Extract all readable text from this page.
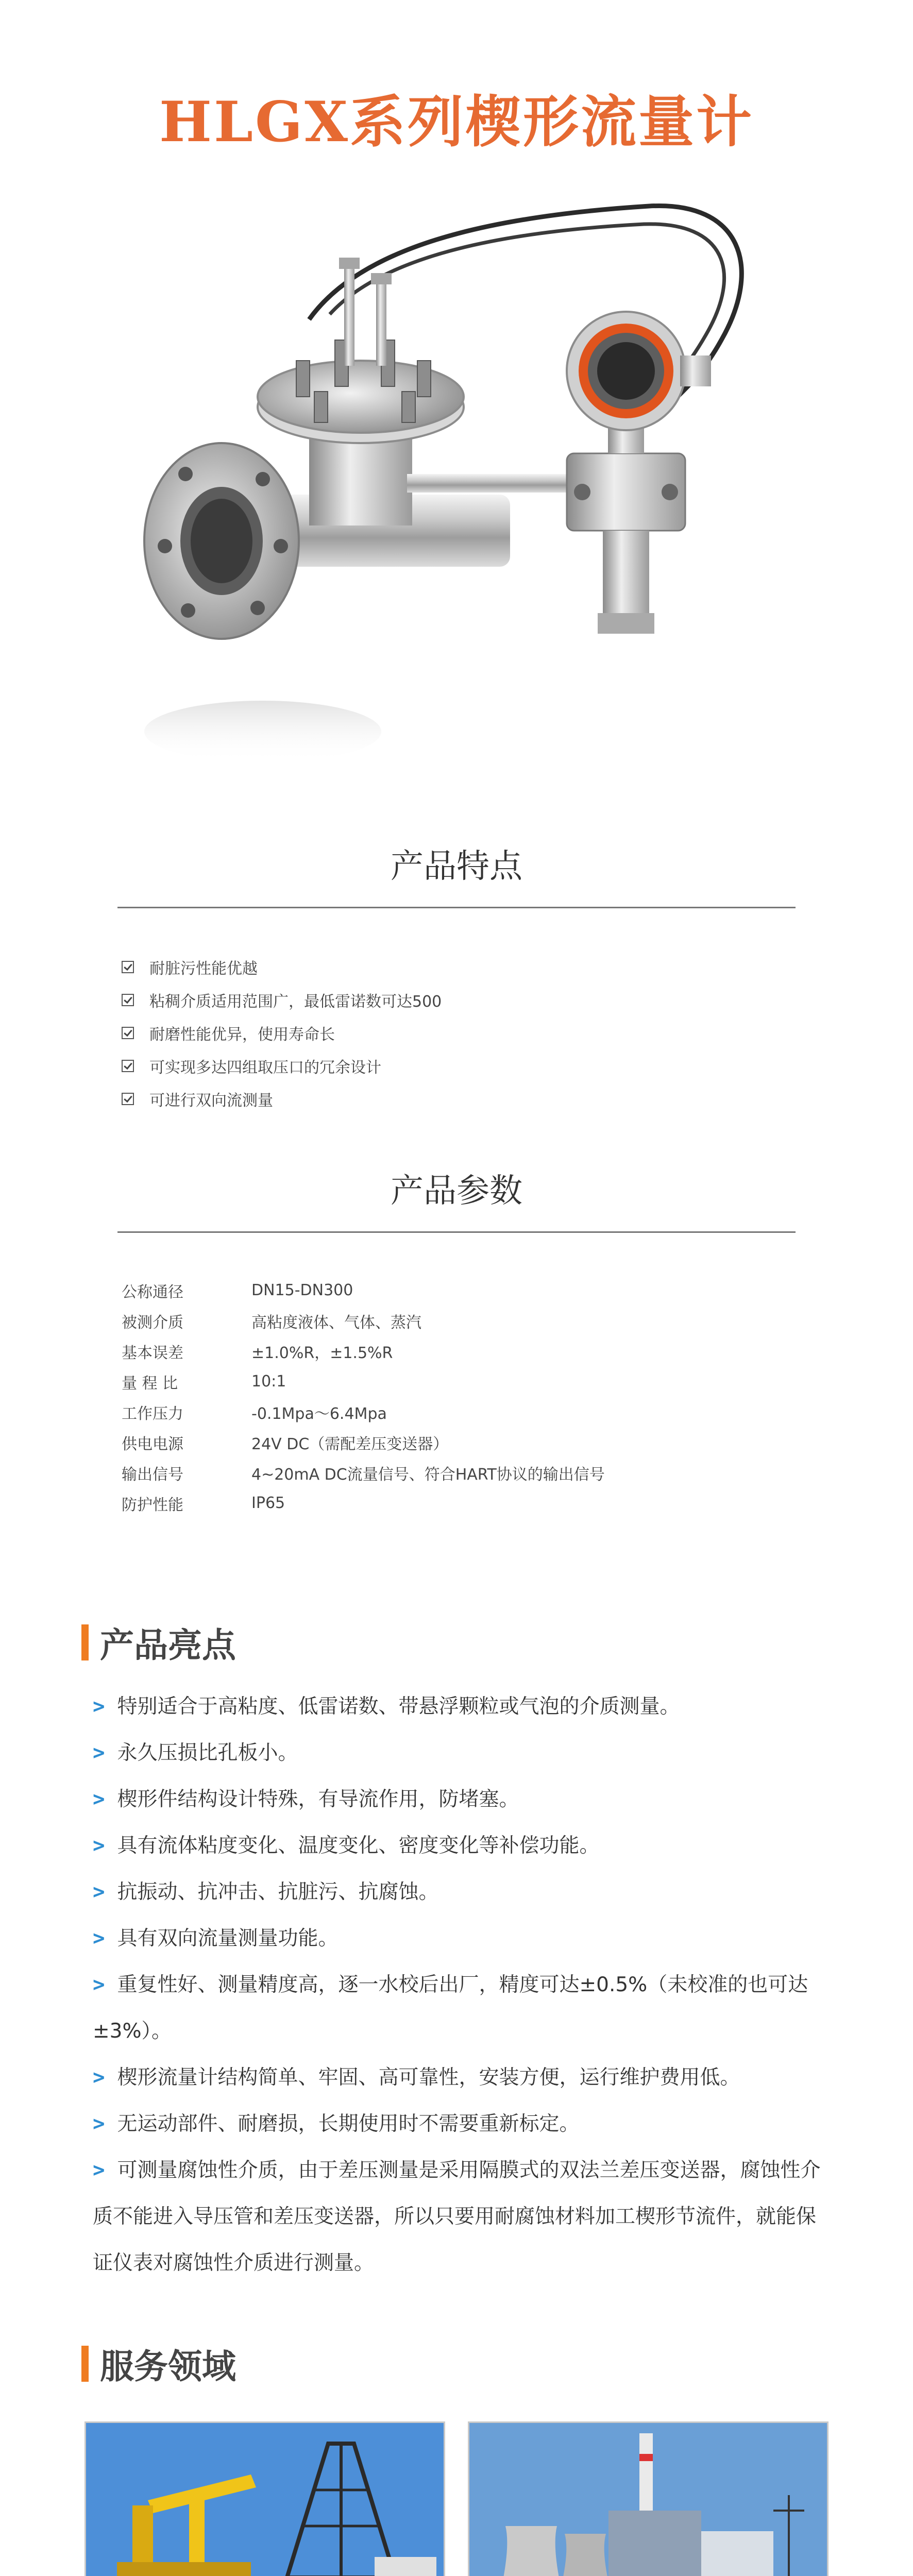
HLGX系列楔形流量计
产品特点
耐脏污性能优越
粘稠介质适用范围广，最低雷诺数可达500
耐磨性能优异，使用寿命长
可实现多达四组取压口的冗余设计
可进行双向流测量
产品参数
公称通径	DN15-DN300
被测介质	高粘度液体、气体、蒸汽
基本误差	±1.0%R，±1.5%R
量 程 比	10:1
工作压力	-0.1Mpa～6.4Mpa
供电电源	24V DC（需配差压变送器）
输出信号	4~20mA DC流量信号、符合HART协议的输出信号
防护性能	IP65
产品亮点

> 特别适合于高粘度、低雷诺数、带悬浮颗粒或气泡的介质测量。

> 永久压损比孔板小。

> 楔形件结构设计特殊，有导流作用，防堵塞。

> 具有流体粘度变化、温度变化、密度变化等补偿功能。

> 抗振动、抗冲击、抗脏污、抗腐蚀。

> 具有双向流量测量功能。

> 重复性好、测量精度高，逐一水校后出厂，精度可达±0.5%（未校准的也可达±3%）。

> 楔形流量计结构简单、牢固、高可靠性，安装方便，运行维护费用低。

> 无运动部件、耐磨损，长期使用时不需要重新标定。

> 可测量腐蚀性介质，由于差压测量是采用隔膜式的双法兰差压变送器，腐蚀性介质不能进入导压管和差压变送器，所以只要用耐腐蚀材料加工楔形节流件，就能保证仪表对腐蚀性介质进行测量。

服务领域
